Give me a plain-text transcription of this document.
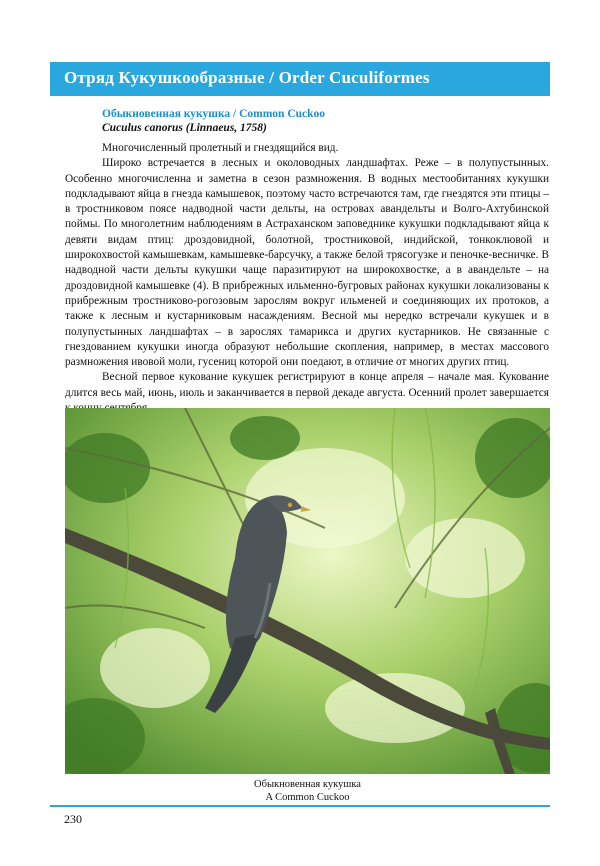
Отряд Кукушкообразные / Order Cuculiformes
Обыкновенная кукушка / Common Cuckoo
Cuculus canorus (Linnaeus, 1758)

Многочисленный пролетный и гнездящийся вид.

Широко встречается в лесных и околоводных ландшафтах. Реже – в полупустынных. Особенно многочисленна и заметна в сезон размножения. В водных местообитаниях кукушки подкладывают яйца в гнезда камышевок, поэтому часто встречаются там, где гнездятся эти птицы – в тростниковом поясе надводной части дельты, на островах авандельты и Волго-Ахтубинской поймы. По многолетним наблюдениям в Астраханском заповеднике кукушки подкладывают яйца к девяти видам птиц: дроздовидной, болотной, тростниковой, индийской, тонкоклювой и широкохвостой камышевкам, камышевке-барсучку, а также белой трясогузке и пеночке-весничке. В надводной части дельты кукушки чаще паразитируют на широкохвостке, а в авандельте – на дроздовидной камышевке (4). В прибрежных ильменно-бугровых районах кукушки локализованы к прибрежным тростниково-рогозовым зарослям вокруг ильменей и соединяющих их протоков, а также к лесным и кустарниковым насаждениям. Весной мы нередко встречали кукушек и в полупустынных ландшафтах – в зарослях тамарикса и других кустарников. Не связанные с гнездованием кукушки иногда образуют небольшие скопления, например, в местах массового размножения ивовой моли, гусениц которой они поедают, в отличие от многих других птиц.

Весной первое кукование кукушек регистрируют в конце апреля – начале мая. Кукование длится весь май, июнь, июль и заканчивается в первой декаде августа. Осенний пролет завершается

Обыкновенная кукушка
A Common Cuckoo
230
